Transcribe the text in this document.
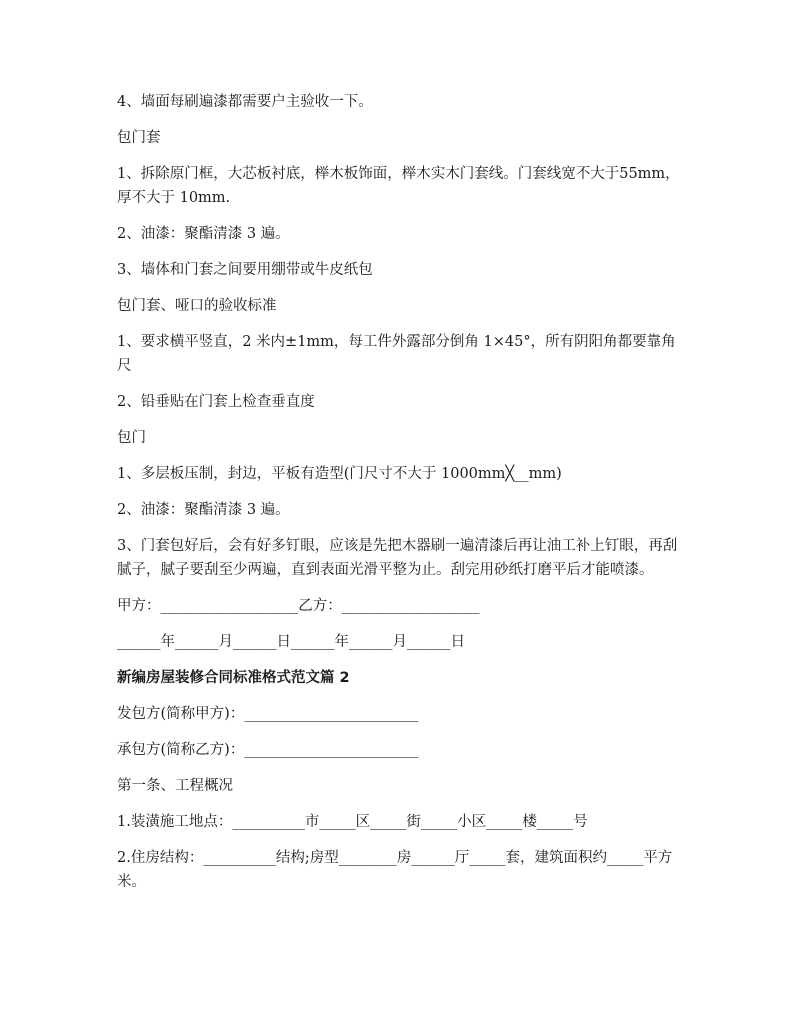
4、墙面每刷遍漆都需要户主验收一下。
包门套
1、拆除原门框，大芯板衬底，榉木板饰面，榉木实木门套线。门套线宽不大于55mm，厚不大于 10mm.
2、油漆：聚酯清漆 3 遍。
3、墙体和门套之间要用绷带或牛皮纸包
包门套、哑口的验收标准
1、要求横平竖直，2 米内±1mm，每工件外露部分倒角 1×45°，所有阴阳角都要靠角尺
2、铅垂贴在门套上检查垂直度
包门
1、多层板压制，封边，平板有造型(门尺寸不大于 1000mm╳__mm)
2、油漆：聚酯清漆 3 遍。
3、门套包好后，会有好多钉眼，应该是先把木器刷一遍清漆后再让油工补上钉眼，再刮腻子，腻子要刮至少两遍，直到表面光滑平整为止。刮完用砂纸打磨平后才能喷漆。
甲方：___________________乙方：___________________
______年______月______日______年______月______日
新编房屋装修合同标准格式范文篇 2
发包方(简称甲方)：________________________
承包方(简称乙方)：________________________
第一条、工程概况
1.装潢施工地点：__________市_____区_____街_____小区_____楼_____号
2.住房结构：__________结构;房型________房______厅_____套，建筑面积约_____平方米。
